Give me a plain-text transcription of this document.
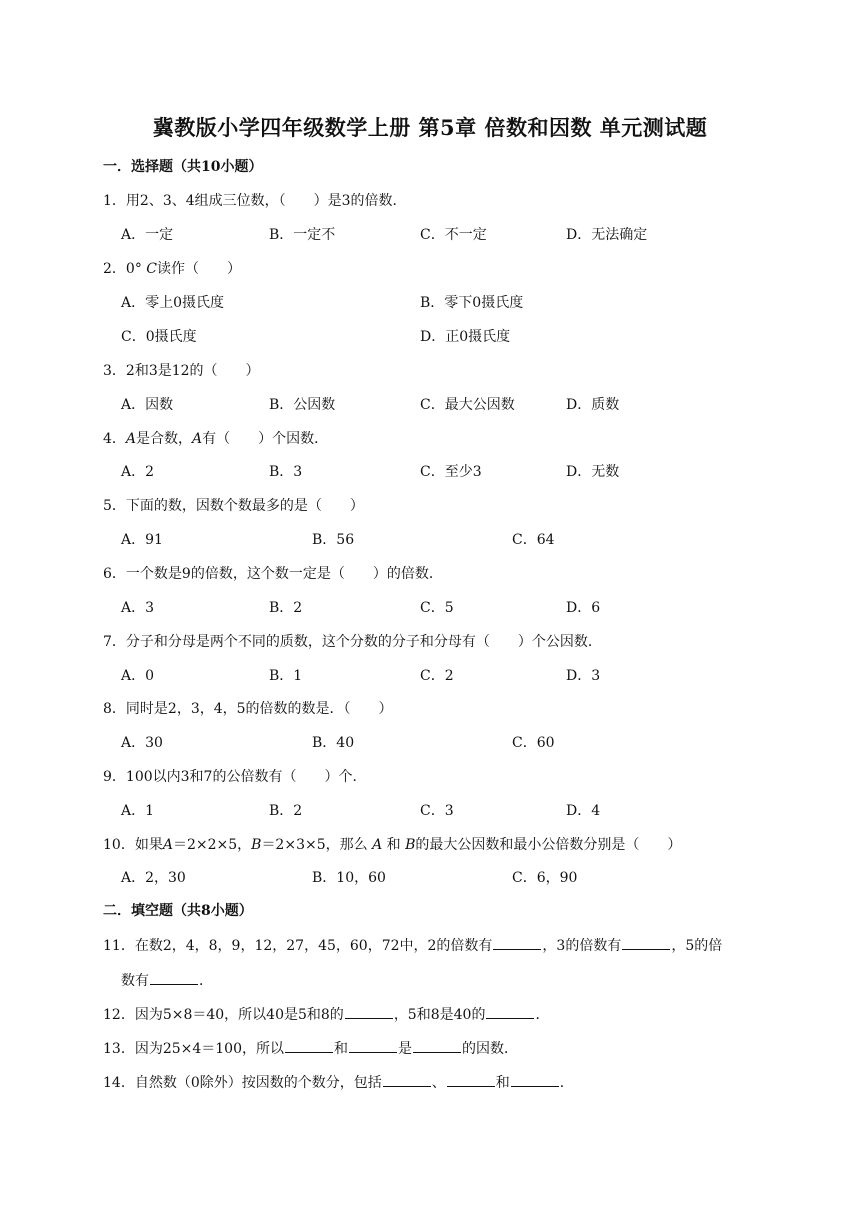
冀教版小学四年级数学上册 第5章 倍数和因数 单元测试题
一．选择题（共10小题）
1．用2、3、4组成三位数，（　　）是3的倍数．
A．一定	B．一定不	C．不一定	D．无法确定
2．0° C读作（　　）
A．零上0摄氏度	B．零下0摄氏度
C．0摄氏度	D．正0摄氏度
3．2和3是12的（　　）
A．因数	B．公因数	C．最大公因数	D．质数
4．A是合数，A有（　　）个因数．
A．2	B．3	C．至少3	D．无数
5．下面的数，因数个数最多的是（　　）
A．91	B．56	C．64
6．一个数是9的倍数，这个数一定是（　　）的倍数．
A．3	B．2	C．5	D．6
7．分子和分母是两个不同的质数，这个分数的分子和分母有（　　）个公因数．
A．0	B．1	C．2	D．3
8．同时是2，3，4，5的倍数的数是．（　　）
A．30	B．40	C．60
9．100以内3和7的公倍数有（　　）个．
A．1	B．2	C．3	D．4
10．如果A＝2×2×5，B＝2×3×5，那么 A 和 B的最大公因数和最小公倍数分别是（　　）
A．2，30	B．10，60	C．6，90
二．填空题（共8小题）
11．在数2，4，8，9，12，27，45，60，72中，2的倍数有	，3的倍数有	，5的倍
数有	．
12．因为5×8＝40，所以40是5和8的	，5和8是40的	．
13．因为25×4＝100，所以	和	是	的因数．
14．自然数（0除外）按因数的个数分，包括	、	和	．
